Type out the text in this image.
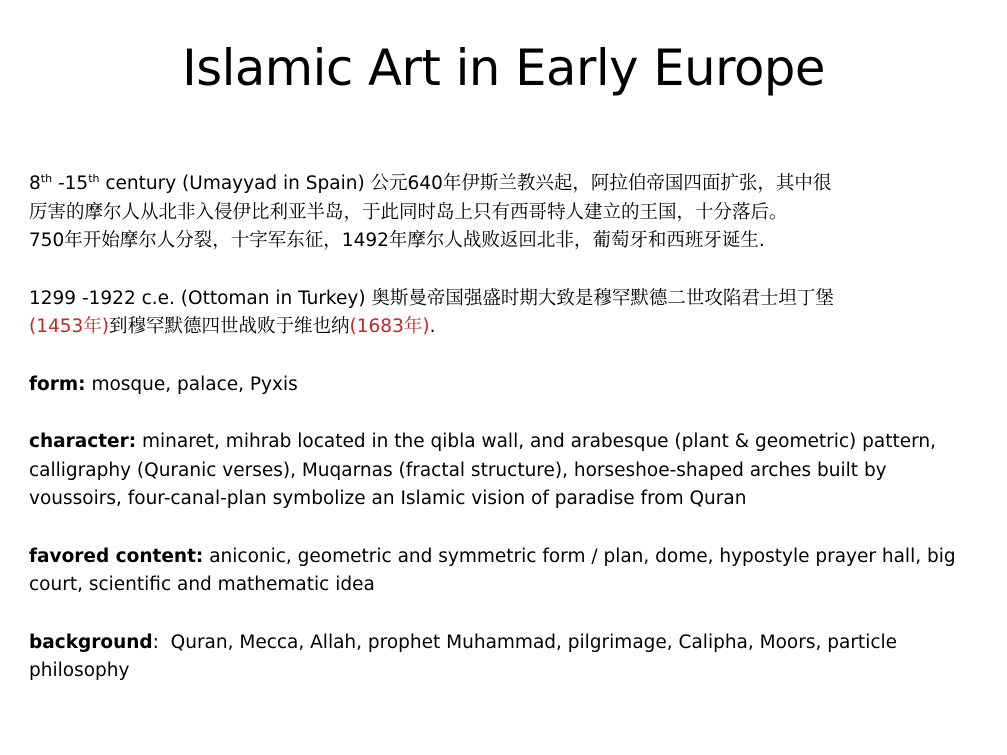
Islamic Art in Early Europe
8th -15th century (Umayyad in Spain) 公元640年伊斯兰教兴起，阿拉伯帝国四面扩张，其中很
厉害的摩尔人从北非入侵伊比利亚半岛，于此同时岛上只有西哥特人建立的王国，十分落后。
750年开始摩尔人分裂，十字军东征，1492年摩尔人战败返回北非，葡萄牙和西班牙诞生.
1299 -1922 c.e. (Ottoman in Turkey) 奥斯曼帝国强盛时期大致是穆罕默德二世攻陷君士坦丁堡
(1453年)到穆罕默德四世战败于维也纳(1683年).
form: mosque, palace, Pyxis
character: minaret, mihrab located in the qibla wall, and arabesque (plant & geometric) pattern,
calligraphy (Quranic verses), Muqarnas (fractal structure), horseshoe-shaped arches built by
voussoirs, four-canal-plan symbolize an Islamic vision of paradise from Quran
favored content: aniconic, geometric and symmetric form / plan, dome, hypostyle prayer hall, big
court, scientific and mathematic idea
background:  Quran, Mecca, Allah, prophet Muhammad, pilgrimage, Calipha, Moors, particle
philosophy
